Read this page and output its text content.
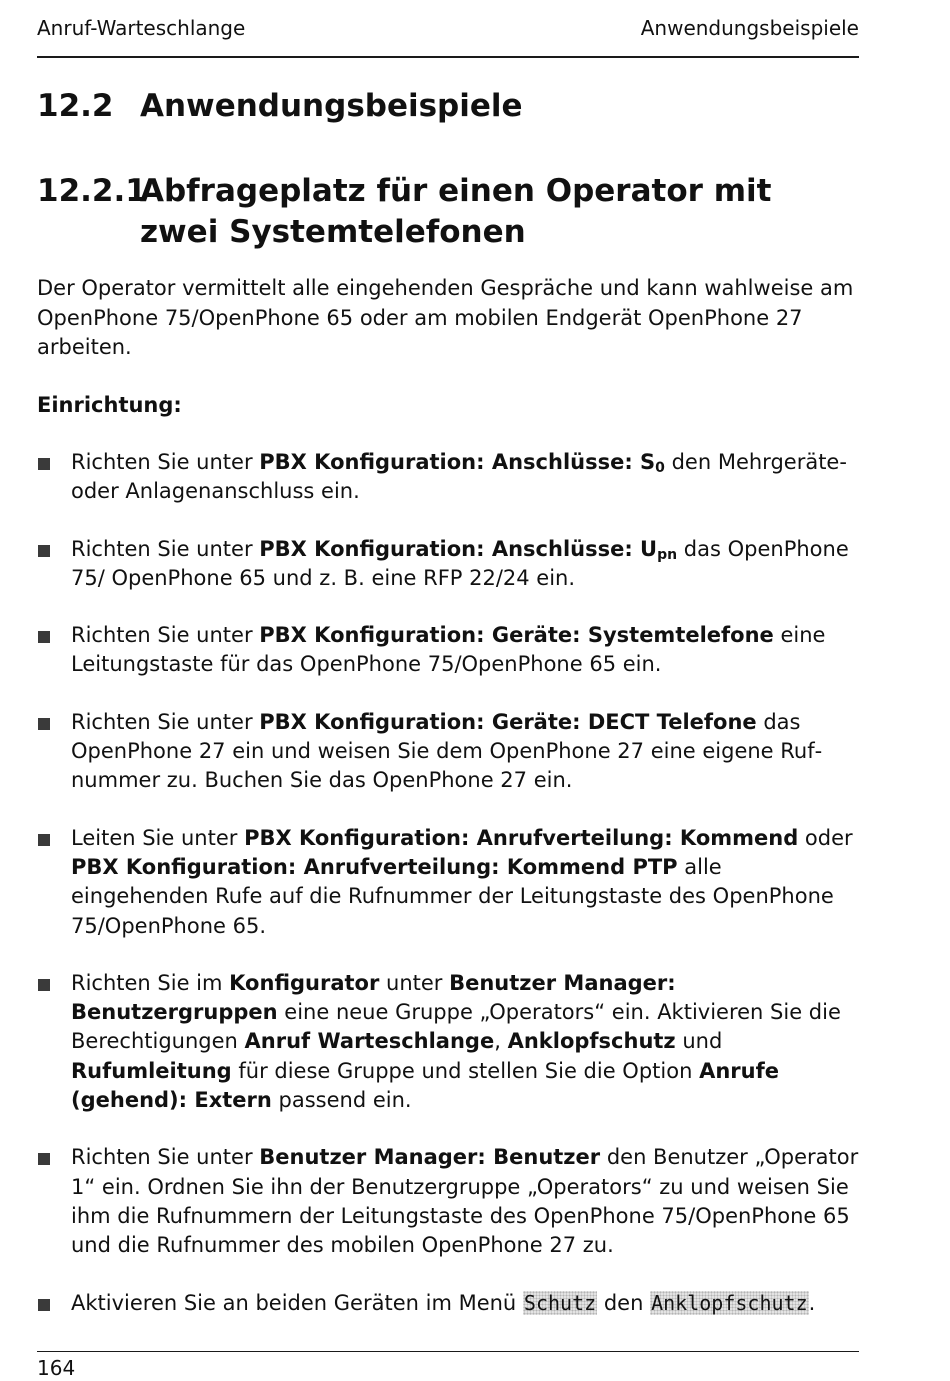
Anruf-Warteschlange	Anwendungsbeispiele
12.2 Anwendungsbeispiele
12.2.1
Abfrageplatz für einen Operator mit zwei Systemtelefonen

Der Operator vermittelt alle eingehenden Gespräche und kann wahlweise am OpenPhone 75/OpenPhone 65 oder am mobilen Endgerät OpenPhone 27 arbeiten.

Einrichtung:
Richten Sie unter PBX Konfiguration: Anschlüsse: $S_0$ den Mehrgeräte- oder Anlagenanschluss ein.
Richten Sie unter PBX Konfiguration: Anschlüsse: $U_{pn}$ das OpenPhone 75/ OpenPhone 65 und z. B. eine RFP 22/24 ein.
Richten Sie unter PBX Konfiguration: Geräte: Systemtelefone eine Leitungstaste für das OpenPhone 75/OpenPhone 65 ein.
Richten Sie unter PBX Konfiguration: Geräte: DECT Telefone das OpenPhone 27 ein und weisen Sie dem OpenPhone 27 eine eigene Rufnummer zu. Buchen Sie das OpenPhone 27 ein.
Leiten Sie unter PBX Konfiguration: Anrufverteilung: Kommend oder PBX Konfiguration: Anrufverteilung: Kommend PTP alle eingehenden Rufe auf die Rufnummer der Leitungstaste des OpenPhone 75/OpenPhone 65.
Richten Sie im Konfigurator unter Benutzer Manager: Benutzergruppen eine neue Gruppe „Operators“ ein. Aktivieren Sie die Berechtigungen Anruf Warteschlange, Anklopfschutz und Rufumleitung für diese Gruppe und stellen Sie die Option Anrufe (gehend): Extern passend ein.
Richten Sie unter Benutzer Manager: Benutzer den Benutzer „Operator 1“ ein. Ordnen Sie ihn der Benutzergruppe „Operators“ zu und weisen Sie ihm die Rufnummern der Leitungstaste des OpenPhone 75/OpenPhone 65 und die Rufnummer des mobilen OpenPhone 27 zu.
Aktivieren Sie an beiden Geräten im Menü Schutz den Anklopfschutz.
164
